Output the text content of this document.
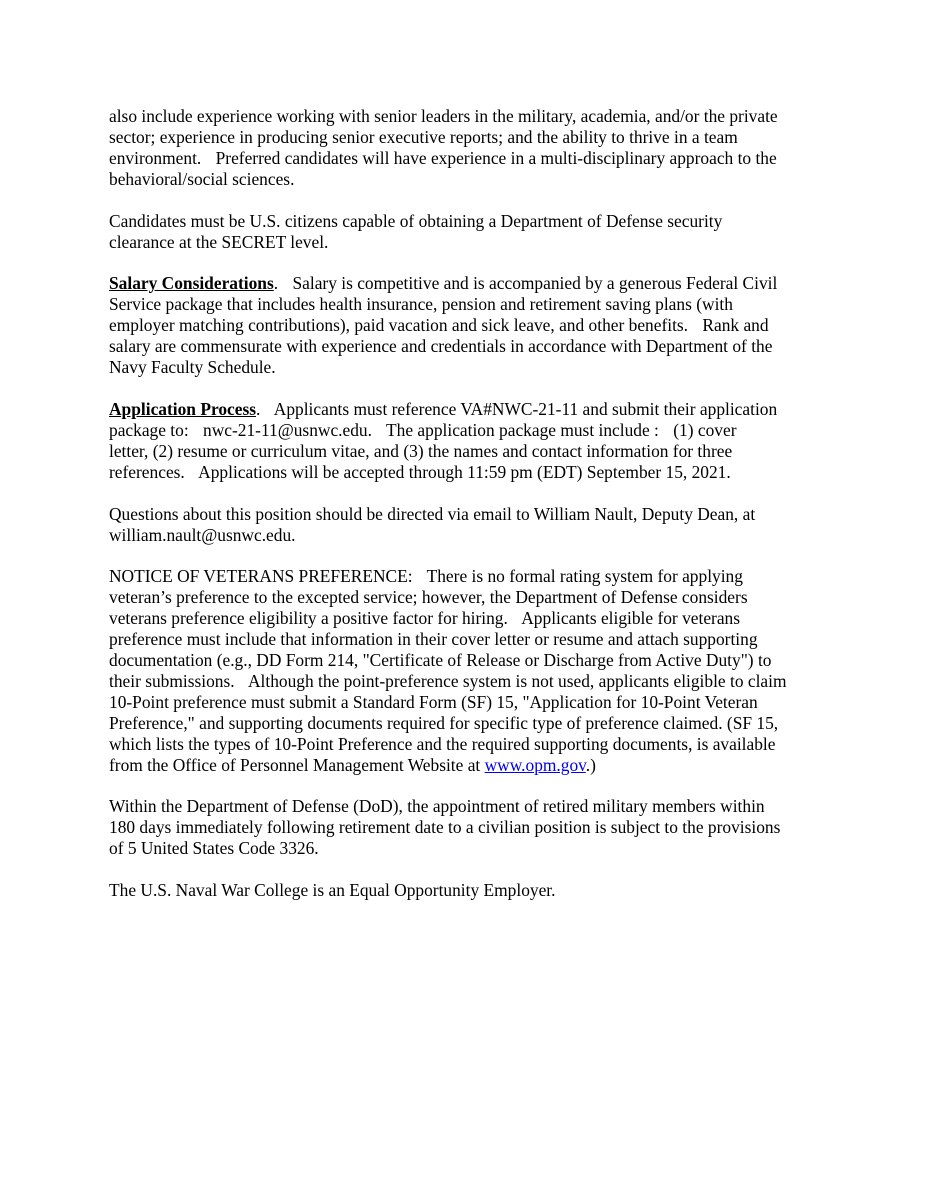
also include experience working with senior leaders in the military, academia, and/or the private
sector; experience in producing senior executive reports; and the ability to thrive in a team
environment. Preferred candidates will have experience in a multi-disciplinary approach to the
behavioral/social sciences.

Candidates must be U.S. citizens capable of obtaining a Department of Defense security
clearance at the SECRET level.

Salary Considerations. Salary is competitive and is accompanied by a generous Federal Civil
Service package that includes health insurance, pension and retirement saving plans (with
employer matching contributions), paid vacation and sick leave, and other benefits. Rank and
salary are commensurate with experience and credentials in accordance with Department of the
Navy Faculty Schedule.

Application Process. Applicants must reference VA#NWC-21-11 and submit their application
package to: nwc-21-11@usnwc.edu. The application package must include : (1) cover
letter, (2) resume or curriculum vitae, and (3) the names and contact information for three
references. Applications will be accepted through 11:59 pm (EDT) September 15, 2021.

Questions about this position should be directed via email to William Nault, Deputy Dean, at
william.nault@usnwc.edu.

NOTICE OF VETERANS PREFERENCE: There is no formal rating system for applying
veteran’s preference to the excepted service; however, the Department of Defense considers
veterans preference eligibility a positive factor for hiring. Applicants eligible for veterans
preference must include that information in their cover letter or resume and attach supporting
documentation (e.g., DD Form 214, "Certificate of Release or Discharge from Active Duty") to
their submissions. Although the point-preference system is not used, applicants eligible to claim
10-Point preference must submit a Standard Form (SF) 15, "Application for 10-Point Veteran
Preference," and supporting documents required for specific type of preference claimed. (SF 15,
which lists the types of 10-Point Preference and the required supporting documents, is available
from the Office of Personnel Management Website at www.opm.gov.)

Within the Department of Defense (DoD), the appointment of retired military members within
180 days immediately following retirement date to a civilian position is subject to the provisions
of 5 United States Code 3326.

The U.S. Naval War College is an Equal Opportunity Employer.
